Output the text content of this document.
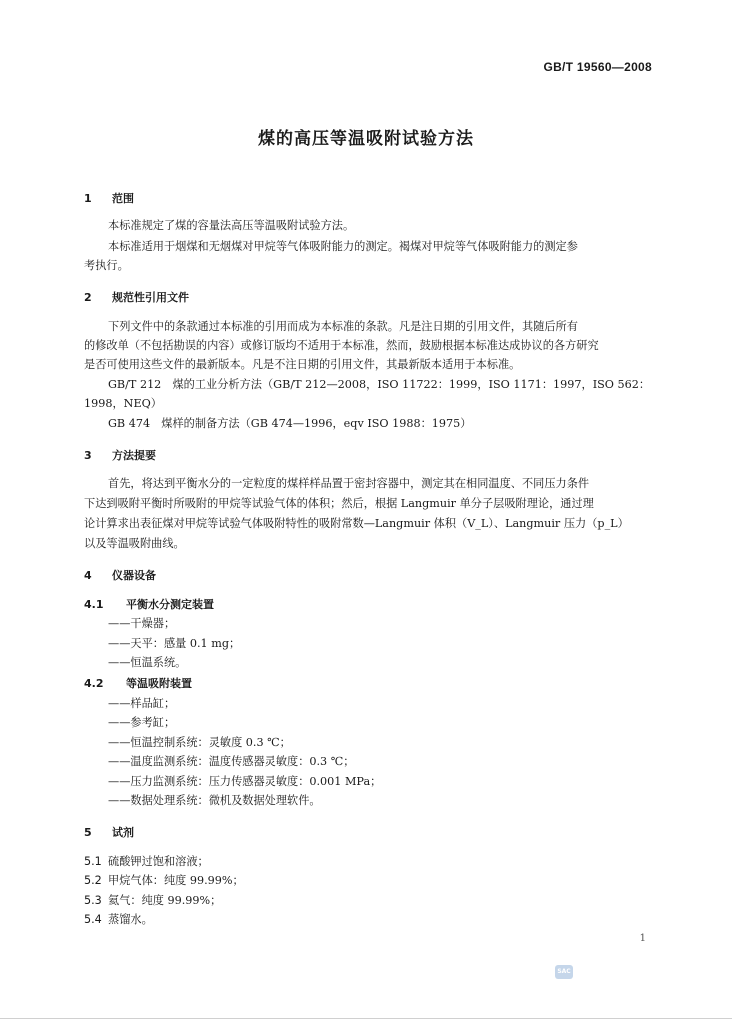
GB/T 19560—2008
煤的高压等温吸附试验方法
1 范围
本标准规定了煤的容量法高压等温吸附试验方法。
本标准适用于烟煤和无烟煤对甲烷等气体吸附能力的测定。褐煤对甲烷等气体吸附能力的测定参
考执行。
2 规范性引用文件
下列文件中的条款通过本标准的引用而成为本标准的条款。凡是注日期的引用文件，其随后所有
的修改单（不包括勘误的内容）或修订版均不适用于本标准，然而，鼓励根据本标准达成协议的各方研究
是否可使用这些文件的最新版本。凡是不注日期的引用文件，其最新版本适用于本标准。
GB/T 212　煤的工业分析方法（GB/T 212—2008，ISO 11722：1999，ISO 1171：1997，ISO 562：
1998，NEQ）
GB 474　煤样的制备方法（GB 474—1996，eqv ISO 1988：1975）
3 方法提要
首先，将达到平衡水分的一定粒度的煤样样品置于密封容器中，测定其在相同温度、不同压力条件
下达到吸附平衡时所吸附的甲烷等试验气体的体积；然后，根据 Langmuir 单分子层吸附理论，通过理
论计算求出表征煤对甲烷等试验气体吸附特性的吸附常数—Langmuir 体积（V_L）、Langmuir 压力（p_L）
以及等温吸附曲线。
4 仪器设备
4.1 平衡水分测定装置
——干燥器；
——天平：感量 0.1 mg；
——恒温系统。
4.2 等温吸附装置
——样品缸；
——参考缸；
——恒温控制系统：灵敏度 0.3 ℃；
——温度监测系统：温度传感器灵敏度：0.3 ℃；
——压力监测系统：压力传感器灵敏度：0.001 MPa；
——数据处理系统：微机及数据处理软件。
5 试剂
5.1 硫酸钾过饱和溶液；
5.2 甲烷气体：纯度 99.99%；
5.3 氦气：纯度 99.99%；
5.4 蒸馏水。
1
SAC
